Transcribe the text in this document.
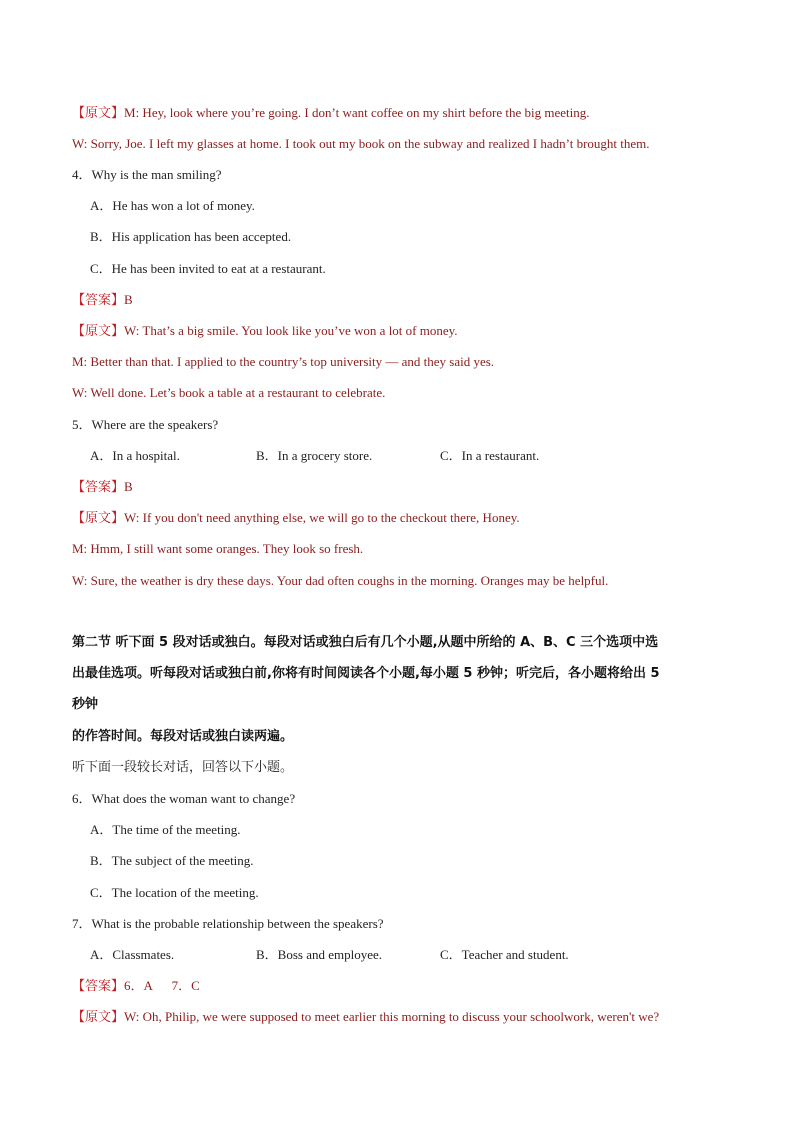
【原文】M: Hey, look where you’re going. I don’t want coffee on my shirt before the big meeting.
W: Sorry, Joe. I left my glasses at home. I took out my book on the subway and realized I hadn’t brought them.
4．Why is the man smiling?
A．He has won a lot of money.
B．His application has been accepted.
C．He has been invited to eat at a restaurant.
【答案】B
【原文】W: That’s a big smile. You look like you’ve won a lot of money.
M: Better than that. I applied to the country’s top university — and they said yes.
W: Well done. Let’s book a table at a restaurant to celebrate.
5．Where are the speakers?
A．In a hospital.	B．In a grocery store.	C．In a restaurant.
【答案】B
【原文】W: If you don't need anything else, we will go to the checkout there, Honey.
M: Hmm, I still want some oranges. They look so fresh.
W: Sure, the weather is dry these days. Your dad often coughs in the morning. Oranges may be helpful.
第二节 听下面 5 段对话或独白。每段对话或独白后有几个小题,从题中所给的 A、B、C 三个选项中选
出最佳选项。听每段对话或独白前,你将有时间阅读各个小题,每小题 5 秒钟；听完后，各小题将给出 5
秒钟
的作答时间。每段对话或独白读两遍。
听下面一段较长对话，回答以下小题。
6．What does the woman want to change?
A．The time of the meeting.
B．The subject of the meeting.
C．The location of the meeting.
7．What is the probable relationship between the speakers?
A．Classmates.	B．Boss and employee.	C．Teacher and student.
【答案】6．A      7．C
【原文】W: Oh, Philip, we were supposed to meet earlier this morning to discuss your schoolwork, weren't we?
